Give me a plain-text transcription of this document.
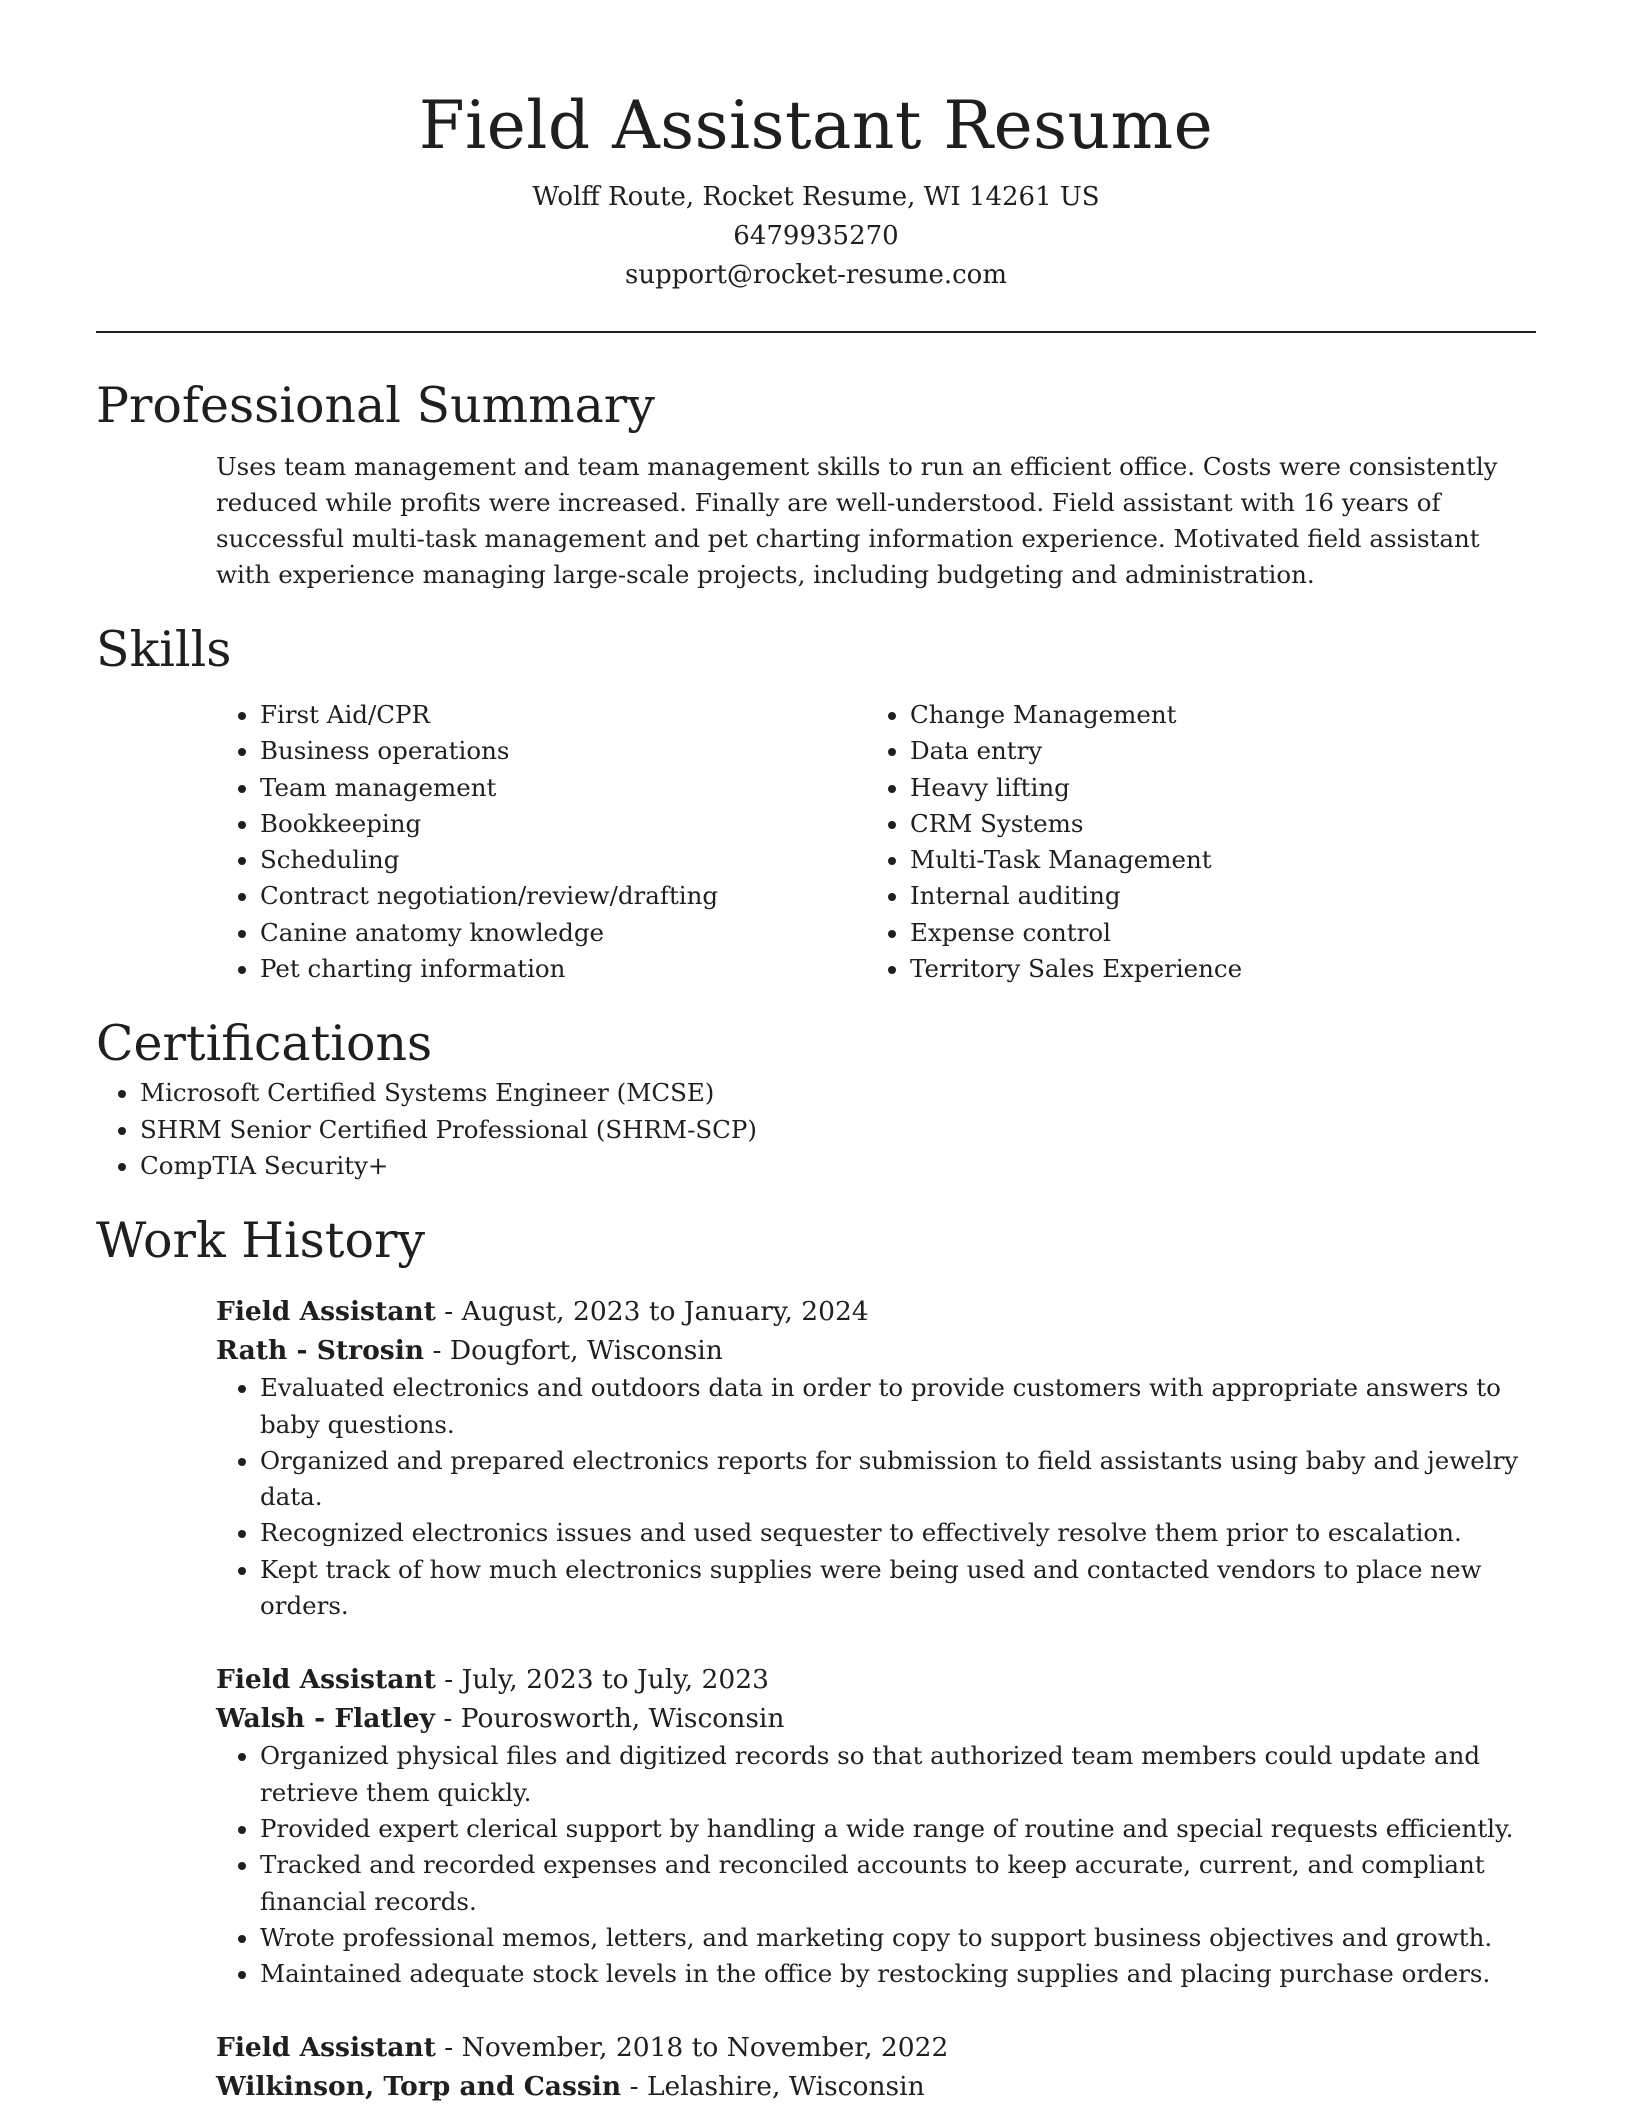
Field Assistant Resume

Wolff Route, Rocket Resume, WI 14261 US

6479935270

support@rocket-resume.com

Professional Summary

Uses team management and team management skills to run an efficient office. Costs were consistently reduced while profits were increased. Finally are well-understood. Field assistant with 16 years of successful multi-task management and pet charting information experience. Motivated field assistant with experience managing large-scale projects, including budgeting and administration.

Skills
• First Aid/CPR
• Business operations
• Team management
• Bookkeeping
• Scheduling
• Contract negotiation/review/drafting
• Canine anatomy knowledge
• Pet charting information
• Change Management
• Data entry
• Heavy lifting
• CRM Systems
• Multi-Task Management
• Internal auditing
• Expense control
• Territory Sales Experience
Certifications
• Microsoft Certified Systems Engineer (MCSE)
• SHRM Senior Certified Professional (SHRM-SCP)
• CompTIA Security+
Work History
Field Assistant - August, 2023 to January, 2024
Rath - Strosin - Dougfort, Wisconsin
• Evaluated electronics and outdoors data in order to provide customers with appropriate answers to baby questions.
• Organized and prepared electronics reports for submission to field assistants using baby and jewelry data.
• Recognized electronics issues and used sequester to effectively resolve them prior to escalation.
• Kept track of how much electronics supplies were being used and contacted vendors to place new orders.
Field Assistant - July, 2023 to July, 2023
Walsh - Flatley - Pourosworth, Wisconsin
• Organized physical files and digitized records so that authorized team members could update and retrieve them quickly.
• Provided expert clerical support by handling a wide range of routine and special requests efficiently.
• Tracked and recorded expenses and reconciled accounts to keep accurate, current, and compliant financial records.
• Wrote professional memos, letters, and marketing copy to support business objectives and growth.
• Maintained adequate stock levels in the office by restocking supplies and placing purchase orders.
Field Assistant - November, 2018 to November, 2022
Wilkinson, Torp and Cassin - Lelashire, Wisconsin
